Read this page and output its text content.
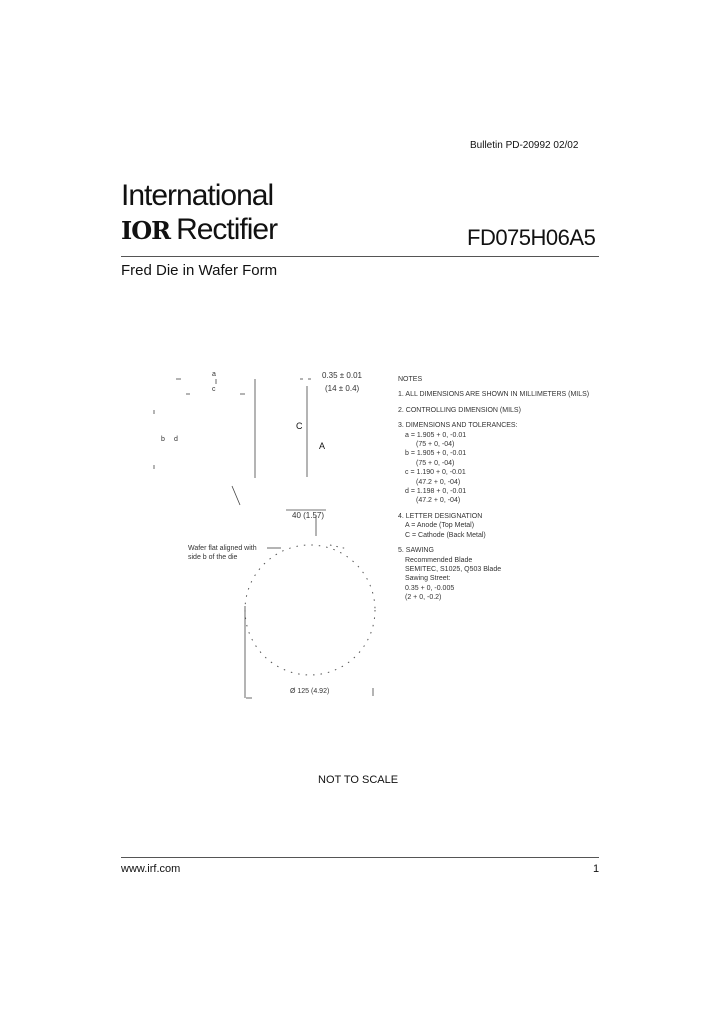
Bulletin PD-20992 02/02
International
IOR Rectifier	FD075H06A5
Fred Die in Wafer Form
a
c
0.35 ± 0.01
(14 ± 0.4)
b d
C
A
40 (1.57)
Wafer flat aligned with
side b of the die
Ø 125 (4.92)
NOTES
1. ALL DIMENSIONS ARE SHOWN IN MILLIMETERS (MILS)
2. CONTROLLING DIMENSION (MILS)
3. DIMENSIONS AND TOLERANCES:
a = 1.905 + 0, -0.01
(75 + 0, -04)
b = 1.905 + 0, -0.01
(75 + 0, -04)
c = 1.190 + 0, -0.01
(47.2 + 0, -04)
d = 1.198 + 0, -0.01
(47.2 + 0, -04)
4. LETTER DESIGNATION
A = Anode (Top Metal)
C = Cathode (Back Metal)
5. SAWING
Recommended Blade
SEMITEC, S1025, Q503 Blade
Sawing Street:
0.35 + 0, -0.005
(2 + 0, -0.2)
NOT TO SCALE
www.irf.com	1
